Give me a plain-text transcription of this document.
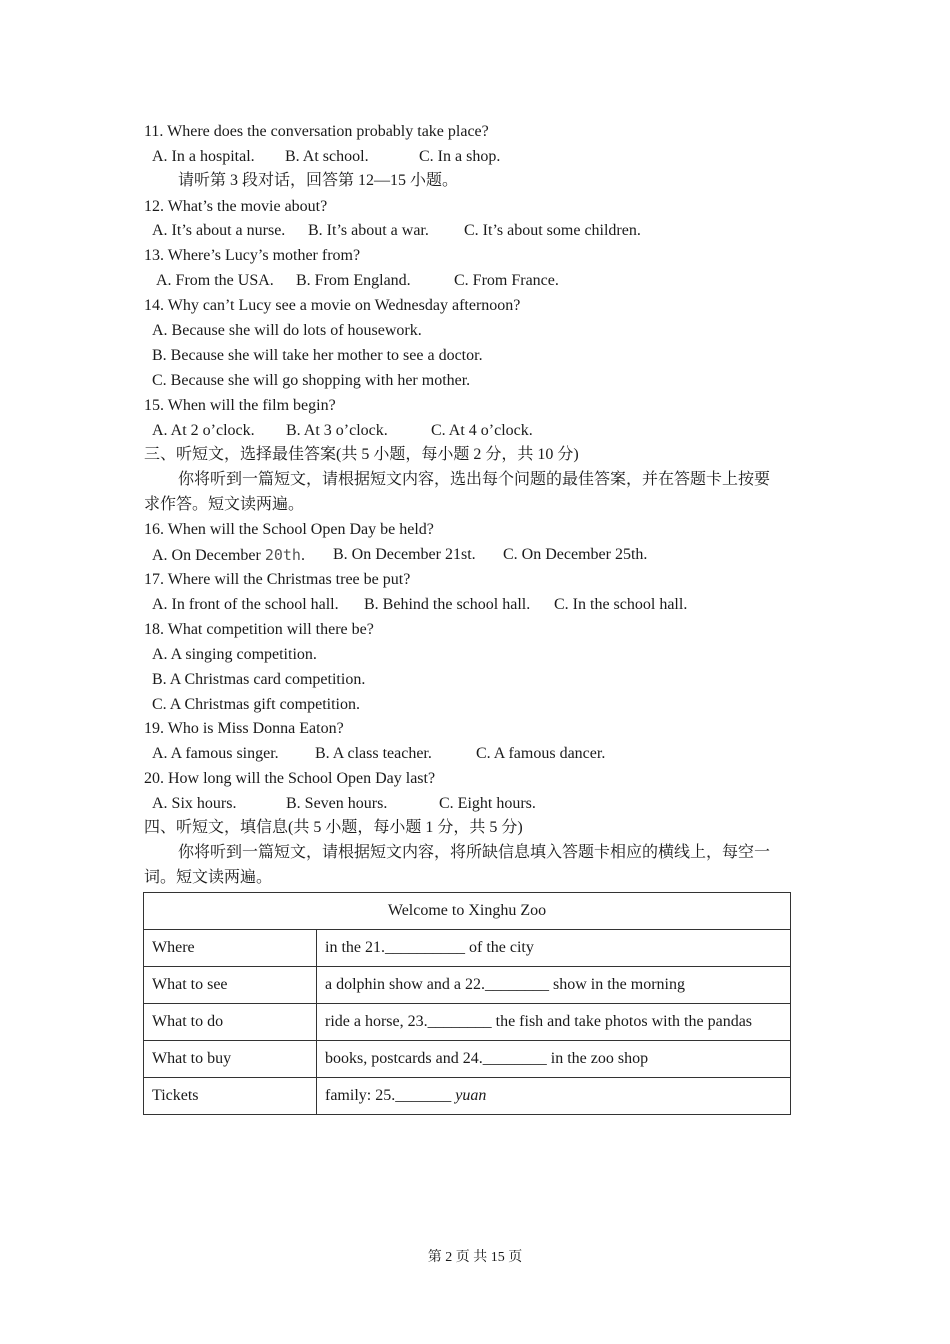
11. Where does the conversation probably take place?
A. In a hospital. B. At school.	C. In a shop.
请听第 3 段对话，回答第 12—15 小题。
12. What’s the movie about?
A. It’s about a nurse. B. It’s about a war. C. It’s about some children.
13. Where’s Lucy’s mother from?
A. From the USA. B. From England.	C. From France.
14. Why can’t Lucy see a movie on Wednesday afternoon?
A. Because she will do lots of housework.
B. Because she will take her mother to see a doctor.
C. Because she will go shopping with her mother.
15. When will the film begin?
A. At 2 o’clock. B. At 3 o’clock.	C. At 4 o’clock.
三、听短文，选择最佳答案(共 5 小题，每小题 2 分，共 10 分)
你将听到一篇短文，请根据短文内容，选出每个问题的最佳答案，并在答题卡上按要
求作答。短文读两遍。
16. When will the School Open Day be held?
A. On December 20th. B. On December 21st. C. On December 25th.
17. Where will the Christmas tree be put?
A. In front of the school hall. B. Behind the school hall. C. In the school hall.
18. What competition will there be?
A. A singing competition.
B. A Christmas card competition.
C. A Christmas gift competition.
19. Who is Miss Donna Eaton?
A. A famous singer. B. A class teacher.	C. A famous dancer.
20. How long will the School Open Day last?
A. Six hours.	B. Seven hours.	C. Eight hours.
四、听短文，填信息(共 5 小题，每小题 1 分，共 5 分)
你将听到一篇短文，请根据短文内容，将所缺信息填入答题卡相应的横线上，每空一
词。短文读两遍。
Welcome to Xinghu Zoo	
Where	in the 21.__________ of the city
What to see	a dolphin show and a 22.________ show in the morning
What to do	ride a horse, 23.________ the fish and take photos with the pandas
What to buy	books, postcards and 24.________ in the zoo shop
Tickets	family: 25._______ yuan
第 2 页 共 15 页
